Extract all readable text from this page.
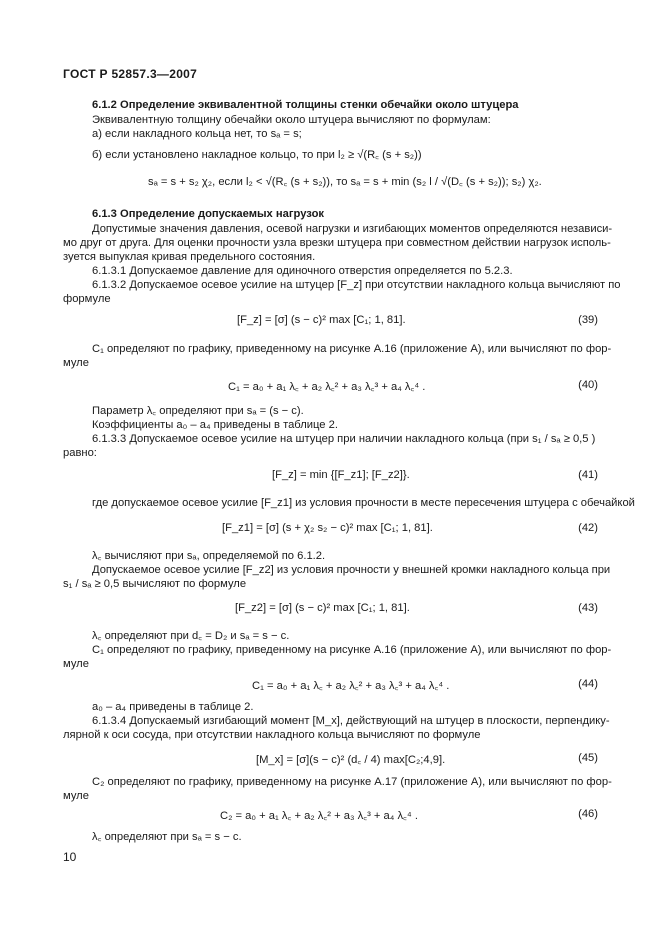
ГОСТ Р 52857.3—2007
6.1.2 Определение эквивалентной толщины стенки обечайки около штуцера
Эквивалентную толщину обечайки около штуцера вычисляют по формулам:
а) если накладного кольца нет, то sₐ = s;
б) если установлено накладное кольцо, то при l₂ ≥ √(R꜀ (s + s₂))
sₐ = s + s₂ χ₂, если l₂ < √(R꜀ (s + s₂)), то sₐ = s + min (s₂ l / √(D꜀ (s + s₂)); s₂) χ₂.
6.1.3 Определение допускаемых нагрузок
Допустимые значения давления, осевой нагрузки и изгибающих моментов определяются независи-
мо друг от друга. Для оценки прочности узла врезки штуцера при совместном действии нагрузок исполь-
зуется выпуклая кривая предельного состояния.
6.1.3.1 Допускаемое давление для одиночного отверстия определяется по 5.2.3.
6.1.3.2 Допускаемое осевое усилие на штуцер [F_z] при отсутствии накладного кольца вычисляют по
формуле
[F_z] = [σ] (s − c)² max [C₁; 1, 81].	(39)
C₁ определяют по графику, приведенному на рисунке А.16 (приложение А), или вычисляют по фор-
муле
C₁ = a₀ + a₁ λ꜀ + a₂ λ꜀² + a₃ λ꜀³ + a₄ λ꜀⁴ .	(40)
Параметр λ꜀ определяют при sₐ = (s − c).
Коэффициенты a₀ – a₄ приведены в таблице 2.
6.1.3.3 Допускаемое осевое усилие на штуцер при наличии накладного кольца (при s₁ / sₐ ≥ 0,5 )
равно:
[F_z] = min {[F_z1]; [F_z2]}.	(41)
где допускаемое осевое усилие [F_z1] из условия прочности в месте пересечения штуцера с обечайкой
[F_z1] = [σ] (s + χ₂ s₂ − c)² max [C₁; 1, 81].	(42)
λ꜀ вычисляют при sₐ, определяемой по 6.1.2.
Допускаемое осевое усилие [F_z2] из условия прочности у внешней кромки накладного кольца при
s₁ / sₐ ≥ 0,5 вычисляют по формуле
[F_z2] = [σ] (s − c)² max [C₁; 1, 81].	(43)
λ꜀ определяют при d꜀ = D₂ и sₐ = s − c.
C₁ определяют по графику, приведенному на рисунке А.16 (приложение А), или вычисляют по фор-
муле
C₁ = a₀ + a₁ λ꜀ + a₂ λ꜀² + a₃ λ꜀³ + a₄ λ꜀⁴ .	(44)
a₀ – a₄ приведены в таблице 2.
6.1.3.4 Допускаемый изгибающий момент [M_x], действующий на штуцер в плоскости, перпендику-
лярной к оси сосуда, при отсутствии накладного кольца вычисляют по формуле
[M_x] = [σ](s − c)² (d꜀ / 4) max[C₂;4,9].	(45)
C₂ определяют по графику, приведенному на рисунке А.17 (приложение А), или вычисляют по фор-
муле
C₂ = a₀ + a₁ λ꜀ + a₂ λ꜀² + a₃ λ꜀³ + a₄ λ꜀⁴ .	(46)
λ꜀ определяют при sₐ = s − c.
10
